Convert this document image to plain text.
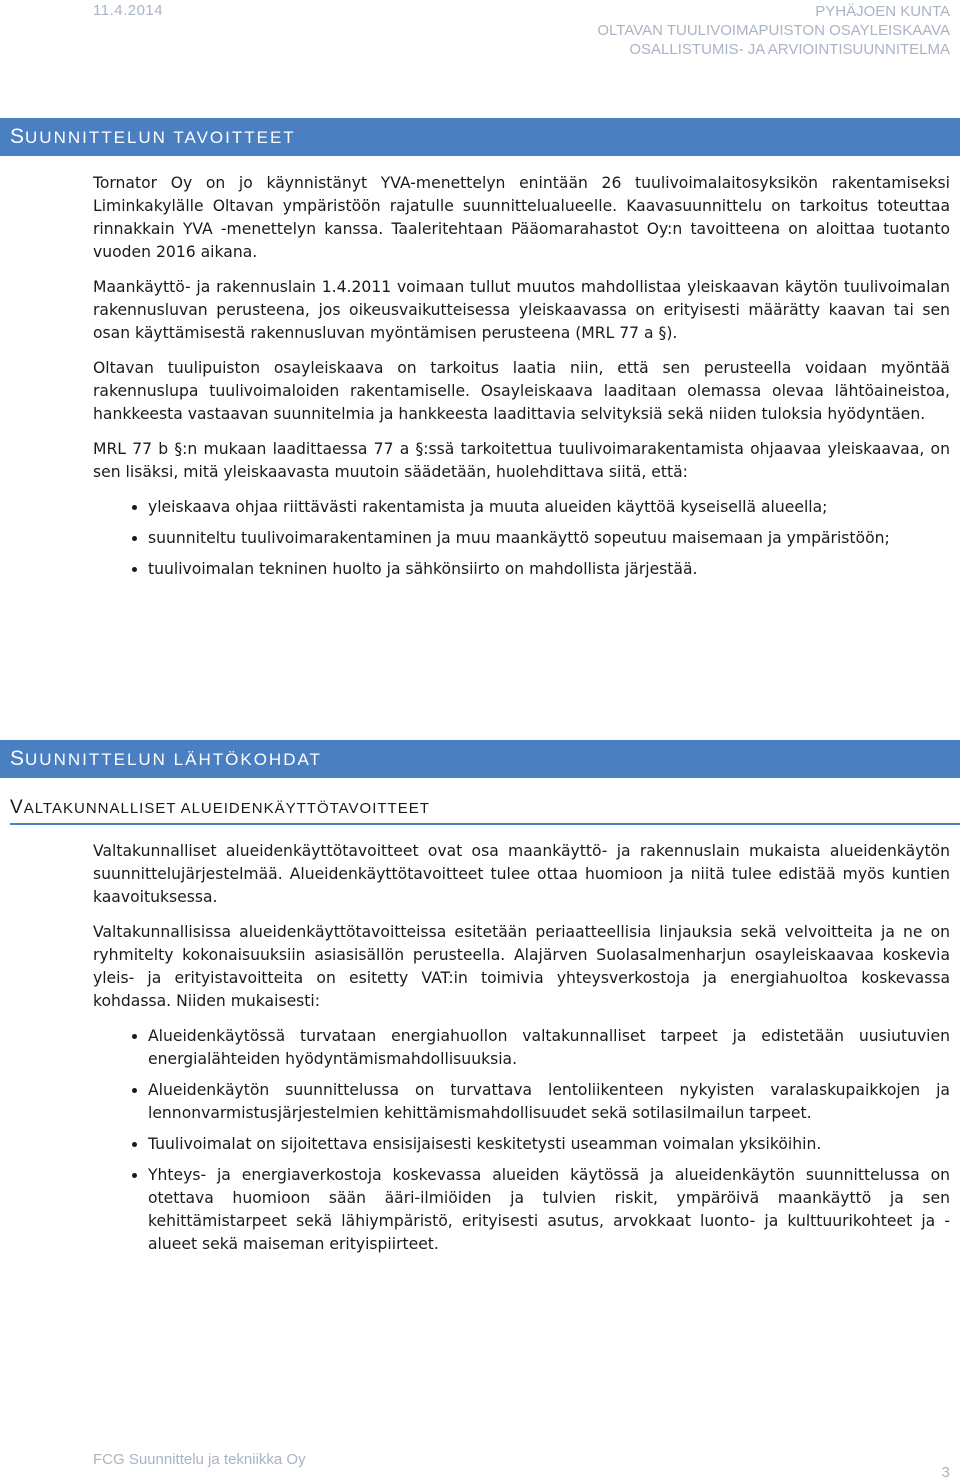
11.4.2014	PYHÄJOEN KUNTA
OLTAVAN TUULIVOIMAPUISTON OSAYLEISKAAVA
OSALLISTUMIS- JA ARVIOINTISUUNNITELMA
SUUNNITTELUN TAVOITTEET

Tornator Oy on jo käynnistänyt YVA-menettelyn enintään 26 tuulivoimalaitosyksikön rakentamiseksi Liminkakylälle Oltavan ympäristöön rajatulle suunnittelualueelle. Kaavasuunnittelu on tarkoitus toteuttaa rinnakkain YVA -menettelyn kanssa. Taaleritehtaan Pääomarahastot Oy:n tavoitteena on aloittaa tuotanto vuoden 2016 aikana.

Maankäyttö- ja rakennuslain 1.4.2011 voimaan tullut muutos mahdollistaa yleiskaavan käytön tuulivoimalan rakennusluvan perusteena, jos oikeusvaikutteisessa yleiskaavassa on erityisesti määrätty kaavan tai sen osan käyttämisestä rakennusluvan myöntämisen perusteena (MRL 77 a §).

Oltavan tuulipuiston osayleiskaava on tarkoitus laatia niin, että sen perusteella voidaan myöntää rakennuslupa tuulivoimaloiden rakentamiselle. Osayleiskaava laaditaan olemassa olevaa lähtöaineistoa, hankkeesta vastaavan suunnitelmia ja hankkeesta laadittavia selvityksiä sekä niiden tuloksia hyödyntäen.

MRL 77 b §:n mukaan laadittaessa 77 a §:ssä tarkoitettua tuulivoimarakentamista ohjaavaa yleiskaavaa, on sen lisäksi, mitä yleiskaavasta muutoin säädetään, huolehdittava siitä, että:

• yleiskaava ohjaa riittävästi rakentamista ja muuta alueiden käyttöä kyseisellä alueella;
• suunniteltu tuulivoimarakentaminen ja muu maankäyttö sopeutuu maisemaan ja ympäristöön;
• tuulivoimalan tekninen huolto ja sähkönsiirto on mahdollista järjestää.
SUUNNITTELUN LÄHTÖKOHDAT
VALTAKUNNALLISET ALUEIDENKÄYTTÖTAVOITTEET

Valtakunnalliset alueidenkäyttötavoitteet ovat osa maankäyttö- ja rakennuslain mukaista alueidenkäytön suunnittelujärjestelmää. Alueidenkäyttötavoitteet tulee ottaa huomioon ja niitä tulee edistää myös kuntien kaavoituksessa.

Valtakunnallisissa alueidenkäyttötavoitteissa esitetään periaatteellisia linjauksia sekä velvoitteita ja ne on ryhmitelty kokonaisuuksiin asiasisällön perusteella. Alajärven Suolasalmenharjun osayleiskaavaa koskevia yleis- ja erityistavoitteita on esitetty VAT:in toimivia yhteysverkostoja ja energiahuoltoa koskevassa kohdassa. Niiden mukaisesti:

• Alueidenkäytössä turvataan energiahuollon valtakunnalliset tarpeet ja edistetään uusiutuvien energialähteiden hyödyntämismahdollisuuksia.
• Alueidenkäytön suunnittelussa on turvattava lentoliikenteen nykyisten varalaskupaikkojen ja lennonvarmistusjärjestelmien kehittämismahdollisuudet sekä sotilasilmailun tarpeet.
• Tuulivoimalat on sijoitettava ensisijaisesti keskitetysti useamman voimalan yksiköihin.
• Yhteys- ja energiaverkostoja koskevassa alueiden käytössä ja alueidenkäytön suunnittelussa on otettava huomioon sään ääri-ilmiöiden ja tulvien riskit, ympäröivä maankäyttö ja sen kehittämistarpeet sekä lähiympäristö, erityisesti asutus, arvokkaat luonto- ja kulttuurikohteet ja -alueet sekä maiseman erityispiirteet.
FCG Suunnittelu ja tekniikka Oy
3
